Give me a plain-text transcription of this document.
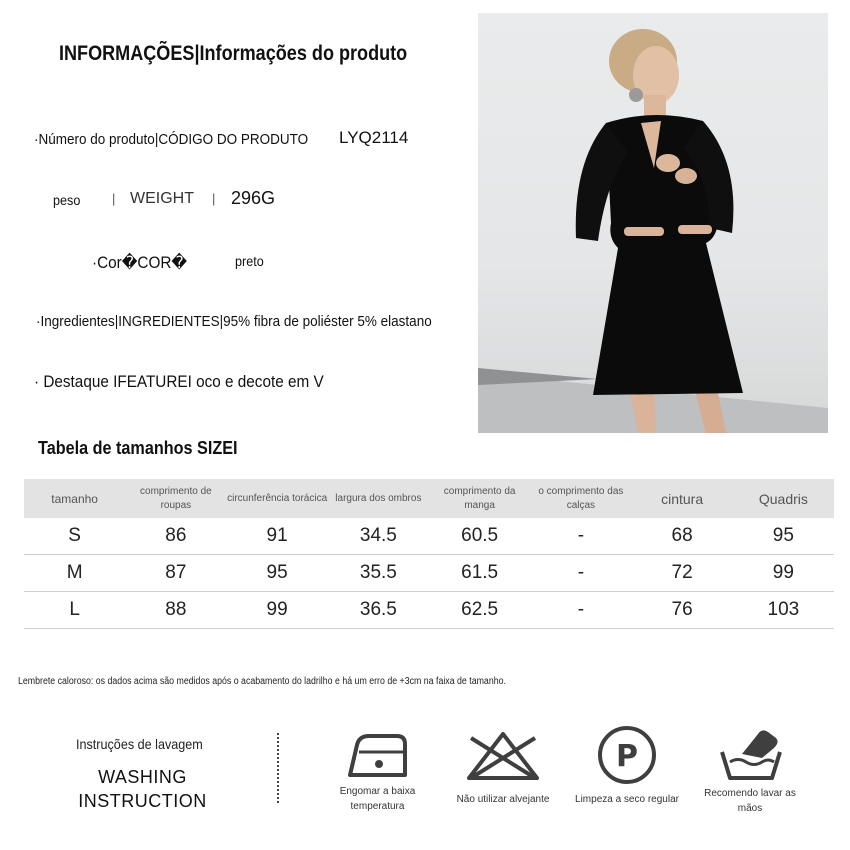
INFORMAÇÕES|Informações do produto
·Número do produto|CÓDIGO DO PRODUTO LYQ2114
peso | WEIGHT | 296G
·Cor�COR�	preto
·Ingredientes|INGREDIENTES|95% fibra de poliéster 5% elastano
· Destaque IFEATUREI oco e decote em V
Tabela de tamanhos SIZEI
tamanho	comprimento de roupas	circunferência torácica	largura dos ombros	comprimento da manga	o comprimento das calças	cintura	Quadris
S	86	91	34.5	60.5	-	68	95
M	87	95	35.5	61.5	-	72	99
L	88	99	36.5	62.5	-	76	103
Lembrete caloroso: os dados acima são medidos após o acabamento do ladrilho e há um erro de +3cm na faixa de tamanho.
Instruções de lavagem
WASHING
INSTRUCTION	Engomar a baixa temperatura
Não utilizar alvejante
P
Limpeza a seco regular
Recomendo lavar as mãos
